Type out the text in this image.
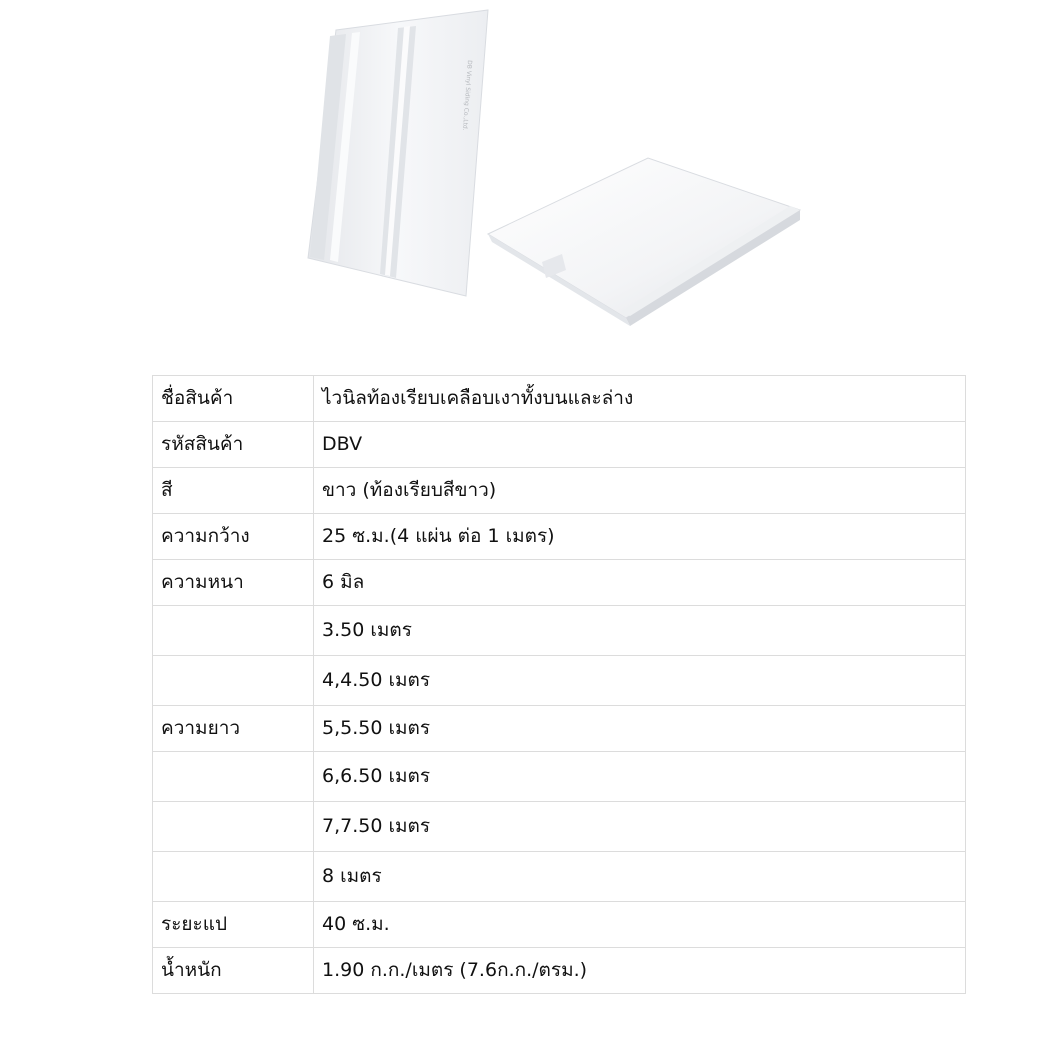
DB Vinyl Siding Co.,Ltd.
ชื่อสินค้า	ไวนิลท้องเรียบเคลือบเงาทั้งบนและล่าง
รหัสสินค้า	DBV
สี	ขาว (ท้องเรียบสีขาว)
ความกว้าง	25 ซ.ม.(4 แผ่น ต่อ 1 เมตร)
ความหนา	6 มิล
	3.50 เมตร
	4,4.50 เมตร
ความยาว	5,5.50 เมตร
	6,6.50 เมตร
	7,7.50 เมตร
	8 เมตร
ระยะแป	40 ซ.ม.
น้ำหนัก	1.90 ก.ก./เมตร (7.6ก.ก./ตรม.)
